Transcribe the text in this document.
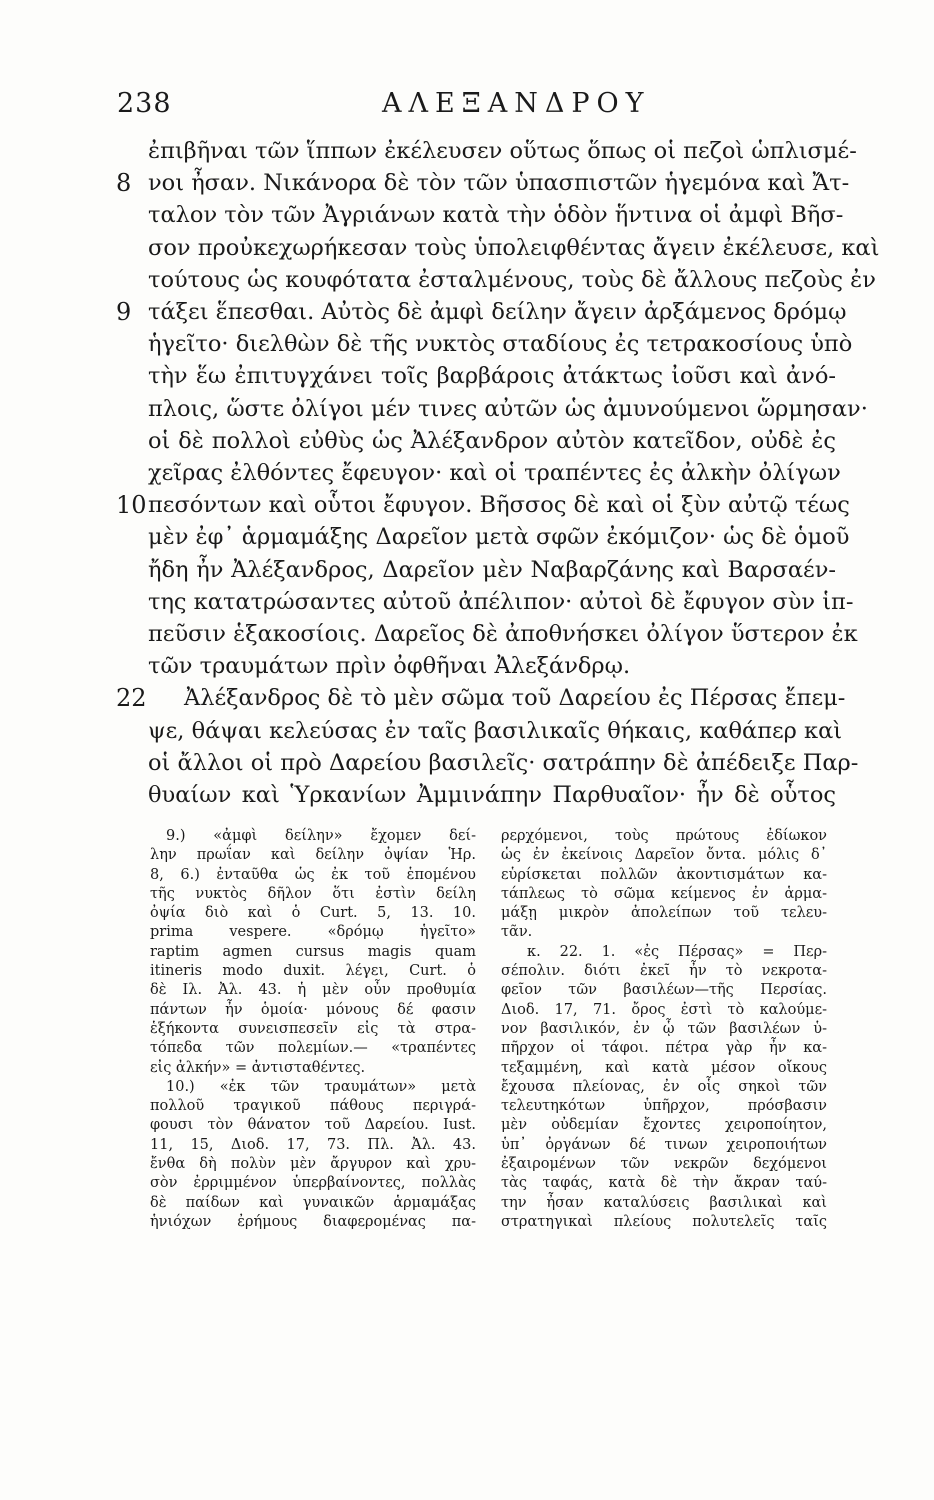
238	ΑΛΕΞΑΝΔΡΟΥ
ἐπιβῆναι τῶν ἵππων ἐκέλευσεν οὕτως ὅπως οἱ πεζοὶ ὡπλισμέ-
8 νοι ἦσαν. Νικάνορα δὲ τὸν τῶν ὑπασπιστῶν ἡγεμόνα καὶ Ἄτ-
ταλον τὸν τῶν Ἀγριάνων κατὰ τὴν ὁδὸν ἥντινα οἱ ἀμφὶ Βῆσ-
σον προὐκεχωρήκεσαν τοὺς ὑπολειφθέντας ἄγειν ἐκέλευσε, καὶ
τούτους ὡς κουφότατα ἐσταλμένους, τοὺς δὲ ἄλλους πεζοὺς ἐν
9 τάξει ἕπεσθαι. Αὐτὸς δὲ ἀμφὶ δείλην ἄγειν ἀρξάμενος δρόμῳ
ἡγεῖτο· διελθὼν δὲ τῆς νυκτὸς σταδίους ἐς τετρακοσίους ὑπὸ
τὴν ἕω ἐπιτυγχάνει τοῖς βαρβάροις ἀτάκτως ἰοῦσι καὶ ἀνό-
πλοις, ὥστε ὀλίγοι μέν τινες αὐτῶν ὡς ἀμυνούμενοι ὥρμησαν·
οἱ δὲ πολλοὶ εὐθὺς ὡς Ἀλέξανδρον αὐτὸν κατεῖδον, οὐδὲ ἐς
χεῖρας ἐλθόντες ἔφευγον· καὶ οἱ τραπέντες ἐς ἀλκὴν ὀλίγων
10 πεσόντων καὶ οὗτοι ἔφυγον. Βῆσσος δὲ καὶ οἱ ξὺν αὐτῷ τέως
μὲν ἐφ᾽ ἁρμαμάξης Δαρεῖον μετὰ σφῶν ἐκόμιζον· ὡς δὲ ὁμοῦ
ἤδη ἦν Ἀλέξανδρος, Δαρεῖον μὲν Ναβαρζάνης καὶ Βαρσαέν-
της κατατρώσαντες αὐτοῦ ἀπέλιπον· αὐτοὶ δὲ ἔφυγον σὺν ἱπ-
πεῦσιν ἑξακοσίοις. Δαρεῖος δὲ ἀποθνήσκει ὀλίγον ὕστερον ἐκ
τῶν τραυμάτων πρὶν ὀφθῆναι Ἀλεξάνδρῳ.
22 Ἀλέξανδρος δὲ τὸ μὲν σῶμα τοῦ Δαρείου ἐς Πέρσας ἔπεμ-
ψε, θάψαι κελεύσας ἐν ταῖς βασιλικαῖς θήκαις, καθάπερ καὶ
οἱ ἄλλοι οἱ πρὸ Δαρείου βασιλεῖς· σατράπην δὲ ἀπέδειξε Παρ-
θυαίων καὶ Ὑρκανίων Ἀμμινάπην Παρθυαῖον· ἦν δὲ οὗτος
9.) «ἀμφὶ δείλην» ἔχομεν δεί-
λην πρωΐαν καὶ δείλην ὀψίαν Ἡρ.
8, 6.) ἐνταῦθα ὡς ἐκ τοῦ ἑπομένου
τῆς νυκτὸς δῆλον ὅτι ἐστὶν δείλη
ὀψία διὸ καὶ ὁ Curt. 5, 13. 10.
prima vespere. «δρόμῳ ἡγεῖτο»
raptim agmen cursus magis quam
itineris modo duxit. λέγει, Curt. ὁ
δὲ Ιλ. Ἀλ. 43. ἡ μὲν οὖν προθυμία
πάντων ἦν ὁμοία· μόνους δέ φασιν
ἑξήκοντα συνεισπεσεῖν εἰς τὰ στρα-
τόπεδα τῶν πολεμίων.— «τραπέντες
εἰς ἀλκήν» = ἀντισταθέντες.
10.) «ἐκ τῶν τραυμάτων» μετὰ
πολλοῦ τραγικοῦ πάθους περιγρά-
φουσι τὸν θάνατον τοῦ Δαρείου. Iust.
11, 15, Διοδ. 17, 73. Πλ. Ἀλ. 43.
ἔνθα δὴ πολὺν μὲν ἄργυρον καὶ χρυ-
σὸν ἐρριμμένον ὑπερβαίνοντες, πολλὰς
δὲ παίδων καὶ γυναικῶν ἁρμαμάξας
ἡνιόχων ἐρήμους διαφερομένας πα-
ρερχόμενοι, τοὺς πρώτους ἐδίωκον
ὡς ἐν ἐκείνοις Δαρεῖον ὄντα. μόλις δ᾽
εὑρίσκεται πολλῶν ἀκοντισμάτων κα-
τάπλεως τὸ σῶμα κείμενος ἐν ἁρμα-
μάξῃ μικρὸν ἀπολείπων τοῦ τελευ-
τᾶν.
κ. 22. 1. «ἐς Πέρσας» = Περ-
σέπολιν. διότι ἐκεῖ ἦν τὸ νεκροτα-
φεῖον τῶν βασιλέων—τῆς Περσίας.
Διοδ. 17, 71. ὄρος ἐστὶ τὸ καλούμε-
νον βασιλικόν, ἐν ᾧ τῶν βασιλέων ὑ-
πῆρχον οἱ τάφοι. πέτρα γὰρ ἦν κα-
τεξαμμένη, καὶ κατὰ μέσον οἴκους
ἔχουσα πλείονας, ἐν οἷς σηκοὶ τῶν
τελευτηκότων ὑπῆρχον, πρόσβασιν
μὲν οὐδεμίαν ἔχοντες χειροποίητον,
ὑπ᾽ ὀργάνων δέ τινων χειροποιήτων
ἐξαιρομένων τῶν νεκρῶν δεχόμενοι
τὰς ταφάς, κατὰ δὲ τὴν ἄκραν ταύ-
την ἦσαν καταλύσεις βασιλικαὶ καὶ
στρατηγικαὶ πλείους πολυτελεῖς ταῖς
